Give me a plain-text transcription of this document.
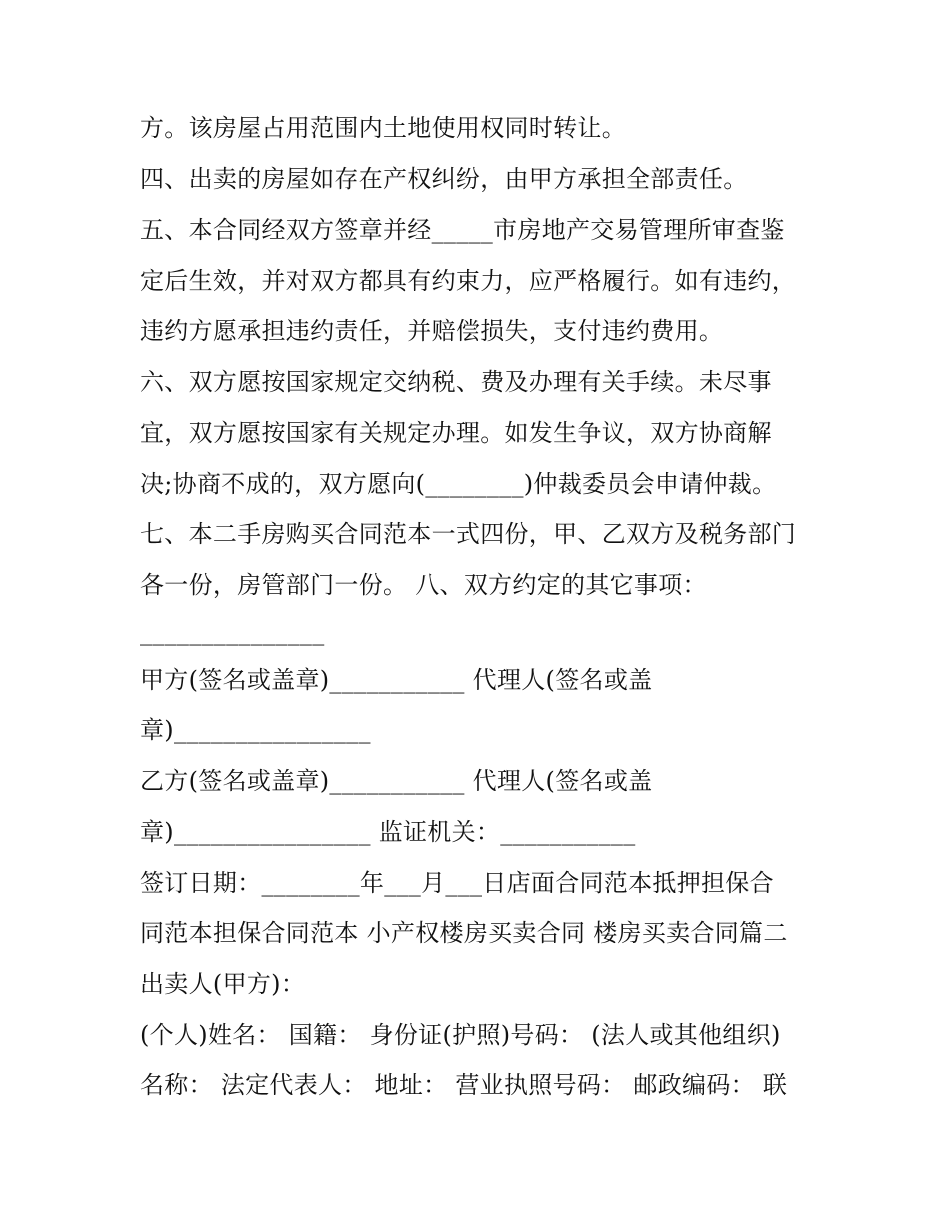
方。该房屋占用范围内土地使用权同时转让。
四、出卖的房屋如存在产权纠纷，由甲方承担全部责任。
五、本合同经双方签章并经_____市房地产交易管理所审查鉴
定后生效，并对双方都具有约束力，应严格履行。如有违约，
违约方愿承担违约责任，并赔偿损失，支付违约费用。
六、双方愿按国家规定交纳税、费及办理有关手续。未尽事
宜，双方愿按国家有关规定办理。如发生争议，双方协商解
决;协商不成的，双方愿向(________)仲裁委员会申请仲裁。
七、本二手房购买合同范本一式四份，甲、乙双方及税务部门
各一份，房管部门一份。 八、双方约定的其它事项：
_______________
甲方(签名或盖章)___________ 代理人(签名或盖
章)________________
乙方(签名或盖章)___________ 代理人(签名或盖
章)________________ 监证机关：___________
签订日期：________年___月___日店面合同范本抵押担保合
同范本担保合同范本 小产权楼房买卖合同 楼房买卖合同篇二
出卖人(甲方)：
(个人)姓名： 国籍： 身份证(护照)号码： (法人或其他组织)
名称： 法定代表人： 地址： 营业执照号码： 邮政编码： 联
